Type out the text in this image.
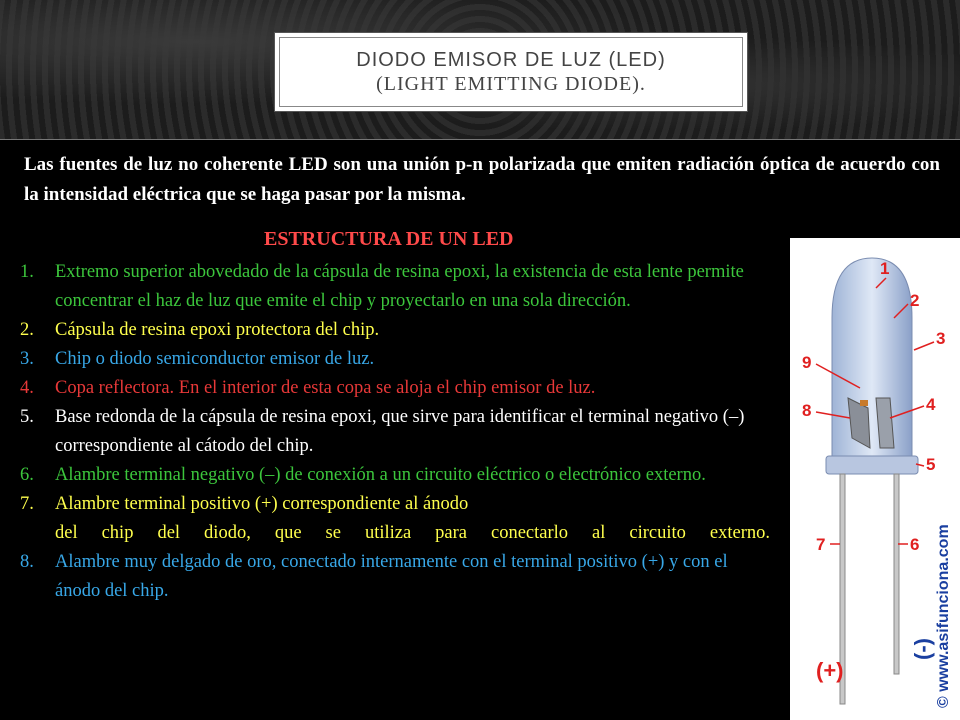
DIODO EMISOR DE LUZ (LED)
(LIGHT EMITTING DIODE).
Las fuentes de luz no coherente LED son una unión p-n polarizada que emiten radiación óptica de acuerdo con la intensidad eléctrica que se haga pasar por la misma.
ESTRUCTURA DE UN LED
1.	Extremo superior abovedado de la cápsula de resina epoxi, la existencia de esta lente permite concentrar el haz de luz que emite el chip y proyectarlo en una sola dirección.
2.	Cápsula de resina epoxi protectora del chip.
3.	Chip o diodo semiconductor emisor de luz.
4.	Copa reflectora. En el interior de esta copa se aloja el chip emisor de luz.
5.	Base redonda de la cápsula de resina epoxi, que sirve para identificar el terminal negativo (–) correspondiente al cátodo del chip.
6.	Alambre terminal negativo (–) de conexión a un circuito eléctrico o electrónico externo.
7.	Alambre terminal positivo (+) correspondiente al ánodo
del chip del diodo, que se utiliza para conectarlo al circuito externo.
8.	Alambre muy delgado de oro, conectado internamente con el terminal positivo (+) y con el ánodo del chip.
1
2
3
4
5
6
7
8
9
(+)
(-) © www.asifunciona.com
